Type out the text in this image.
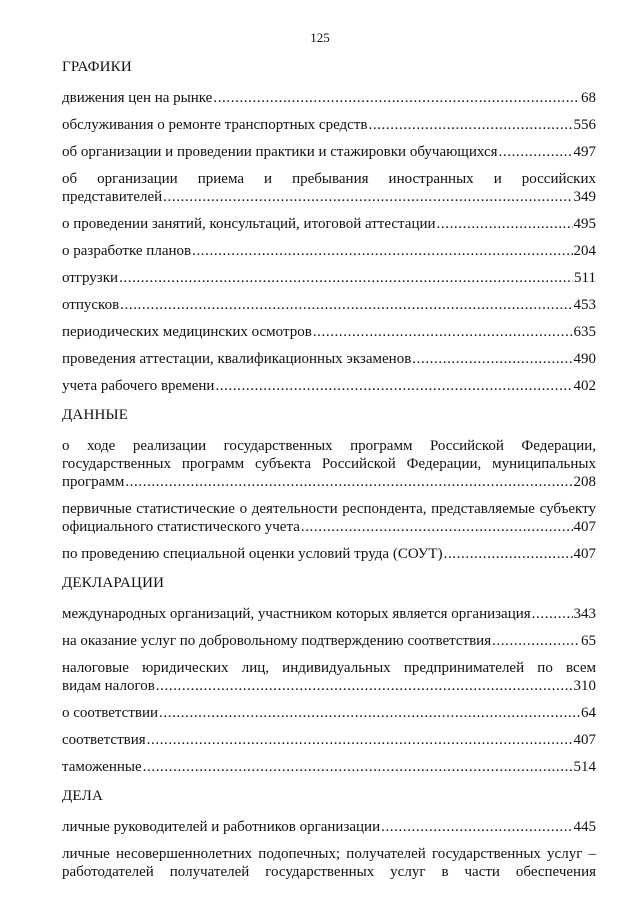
125
ГРАФИКИ
движения цен на рынке .....	68
обслуживания о ремонте транспортных средств .....	556
об организации и проведении практики и стажировки обучающихся .....	497
об организации приема и пребывания иностранных и российских
представителей .....	349
о проведении занятий, консультаций, итоговой аттестации .....	495
о разработке планов .....	204
отгрузки .....	511
отпусков .....	453
периодических медицинских осмотров .....	635
проведения аттестации, квалификационных экзаменов .....	490
учета рабочего времени .....	402
ДАННЫЕ
о ходе реализации государственных программ Российской Федерации,
государственных программ субъекта Российской Федерации, муниципальных
программ .....	208
первичные статистические о деятельности респондента, представляемые субъекту
официального статистического учета .....	407
по проведению специальной оценки условий труда (СОУТ) .....	407
ДЕКЛАРАЦИИ
международных организаций, участником которых является организация .....	343
на оказание услуг по добровольному подтверждению соответствия .....	65
налоговые юридических лиц, индивидуальных предпринимателей по всем
видам налогов .....	310
о соответствии .....	64
соответствия .....	407
таможенные .....	514
ДЕЛА
личные руководителей и работников организации .....	445
личные несовершеннолетних подопечных; получателей государственных услуг –
работодателей получателей государственных услуг в части обеспечения
